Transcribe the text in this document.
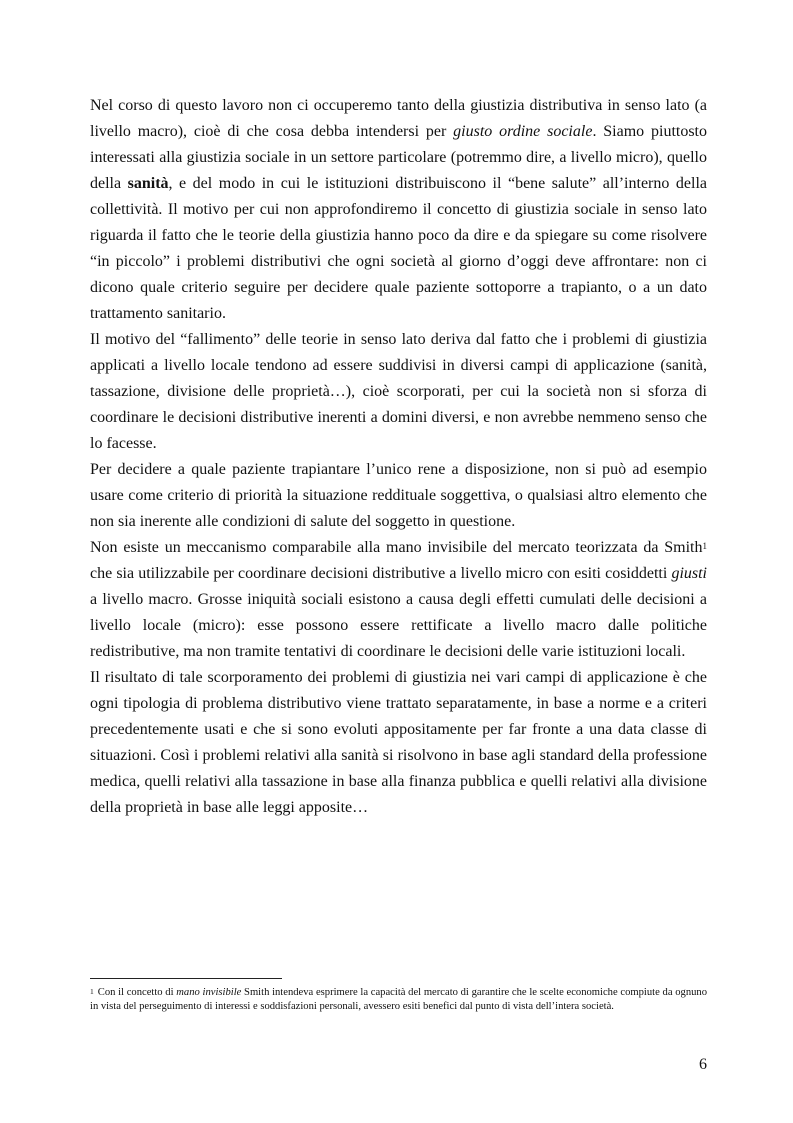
Nel corso di questo lavoro non ci occuperemo tanto della giustizia distributiva in senso lato (a livello macro), cioè di che cosa debba intendersi per giusto ordine sociale. Siamo piuttosto interessati alla giustizia sociale in un settore particolare (potremmo dire, a livello micro), quello della sanità, e del modo in cui le istituzioni distribuiscono il “bene salute” all’interno della collettività. Il motivo per cui non approfondiremo il concetto di giustizia sociale in senso lato riguarda il fatto che le teorie della giustizia hanno poco da dire e da spiegare su come risolvere “in piccolo” i problemi distributivi che ogni società al giorno d’oggi deve affrontare: non ci dicono quale criterio seguire per decidere quale paziente sottoporre a trapianto, o a un dato trattamento sanitario.

Il motivo del “fallimento” delle teorie in senso lato deriva dal fatto che i problemi di giustizia applicati a livello locale tendono ad essere suddivisi in diversi campi di applicazione (sanità, tassazione, divisione delle proprietà…), cioè scorporati, per cui la società non si sforza di coordinare le decisioni distributive inerenti a domini diversi, e non avrebbe nemmeno senso che lo facesse.

Per decidere a quale paziente trapiantare l’unico rene a disposizione, non si può ad esempio usare come criterio di priorità la situazione reddituale soggettiva, o qualsiasi altro elemento che non sia inerente alle condizioni di salute del soggetto in questione.

Non esiste un meccanismo comparabile alla mano invisibile del mercato teorizzata da Smith$^1$ che sia utilizzabile per coordinare decisioni distributive a livello micro con esiti cosiddetti giusti a livello macro. Grosse iniquità sociali esistono a causa degli effetti cumulati delle decisioni a livello locale (micro): esse possono essere rettificate a livello macro dalle politiche redistributive, ma non tramite tentativi di coordinare le decisioni delle varie istituzioni locali.

Il risultato di tale scorporamento dei problemi di giustizia nei vari campi di applicazione è che ogni tipologia di problema distributivo viene trattato separatamente, in base a norme e a criteri precedentemente usati e che si sono evoluti appositamente per far fronte a una data classe di situazioni. Così i problemi relativi alla sanità si risolvono in base agli standard della professione medica, quelli relativi alla tassazione in base alla finanza pubblica e quelli relativi alla divisione della proprietà in base alle leggi apposite…

$^1$ Con il concetto di mano invisibile Smith intendeva esprimere la capacità del mercato di garantire che le scelte economiche compiute da ognuno in vista del perseguimento di interessi e soddisfazioni personali, avessero esiti benefici dal punto di vista dell’intera società.
6
